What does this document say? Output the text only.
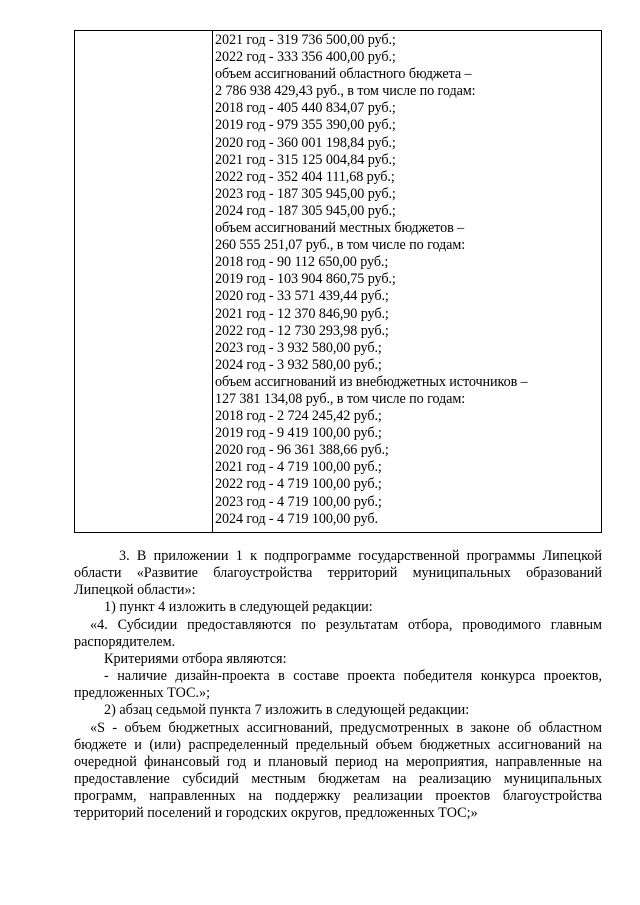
2021 год - 319 736 500,00 руб.;
2022 год - 333 356 400,00 руб.;
объем ассигнований областного бюджета –
2 786 938 429,43 руб., в том числе по годам:
2018 год - 405 440 834,07 руб.;
2019 год - 979 355 390,00 руб.;
2020 год - 360 001 198,84 руб.;
2021 год - 315 125 004,84 руб.;
2022 год - 352 404 111,68 руб.;
2023 год - 187 305 945,00 руб.;
2024 год - 187 305 945,00 руб.;
объем ассигнований местных бюджетов –
260 555 251,07 руб., в том числе по годам:
2018 год - 90 112 650,00 руб.;
2019 год - 103 904 860,75 руб.;
2020 год - 33 571 439,44 руб.;
2021 год - 12 370 846,90 руб.;
2022 год - 12 730 293,98 руб.;
2023 год - 3 932 580,00 руб.;
2024 год - 3 932 580,00 руб.;
объем ассигнований из внебюджетных источников –
127 381 134,08 руб., в том числе по годам:
2018 год - 2 724 245,42 руб.;
2019 год - 9 419 100,00 руб.;
2020 год - 96 361 388,66 руб.;
2021 год - 4 719 100,00 руб.;
2022 год - 4 719 100,00 руб.;
2023 год - 4 719 100,00 руб.;
2024 год - 4 719 100,00 руб.

3. В приложении 1 к подпрограмме государственной программы Липецкой области «Развитие благоустройства территорий муниципальных образований Липецкой области»:

1) пункт 4 изложить в следующей редакции:

«4. Субсидии предоставляются по результатам отбора, проводимого главным распорядителем.

Критериями отбора являются:

- наличие дизайн-проекта в составе проекта победителя конкурса проектов, предложенных ТОС.»;

2) абзац седьмой пункта 7 изложить в следующей редакции:

«S - объем бюджетных ассигнований, предусмотренных в законе об областном бюджете и (или) распределенный предельный объем бюджетных ассигнований на очередной финансовый год и плановый период на мероприятия, направленные на предоставление субсидий местным бюджетам на реализацию муниципальных программ, направленных на поддержку реализации проектов благоустройства территорий поселений и городских округов, предложенных ТОС;»
